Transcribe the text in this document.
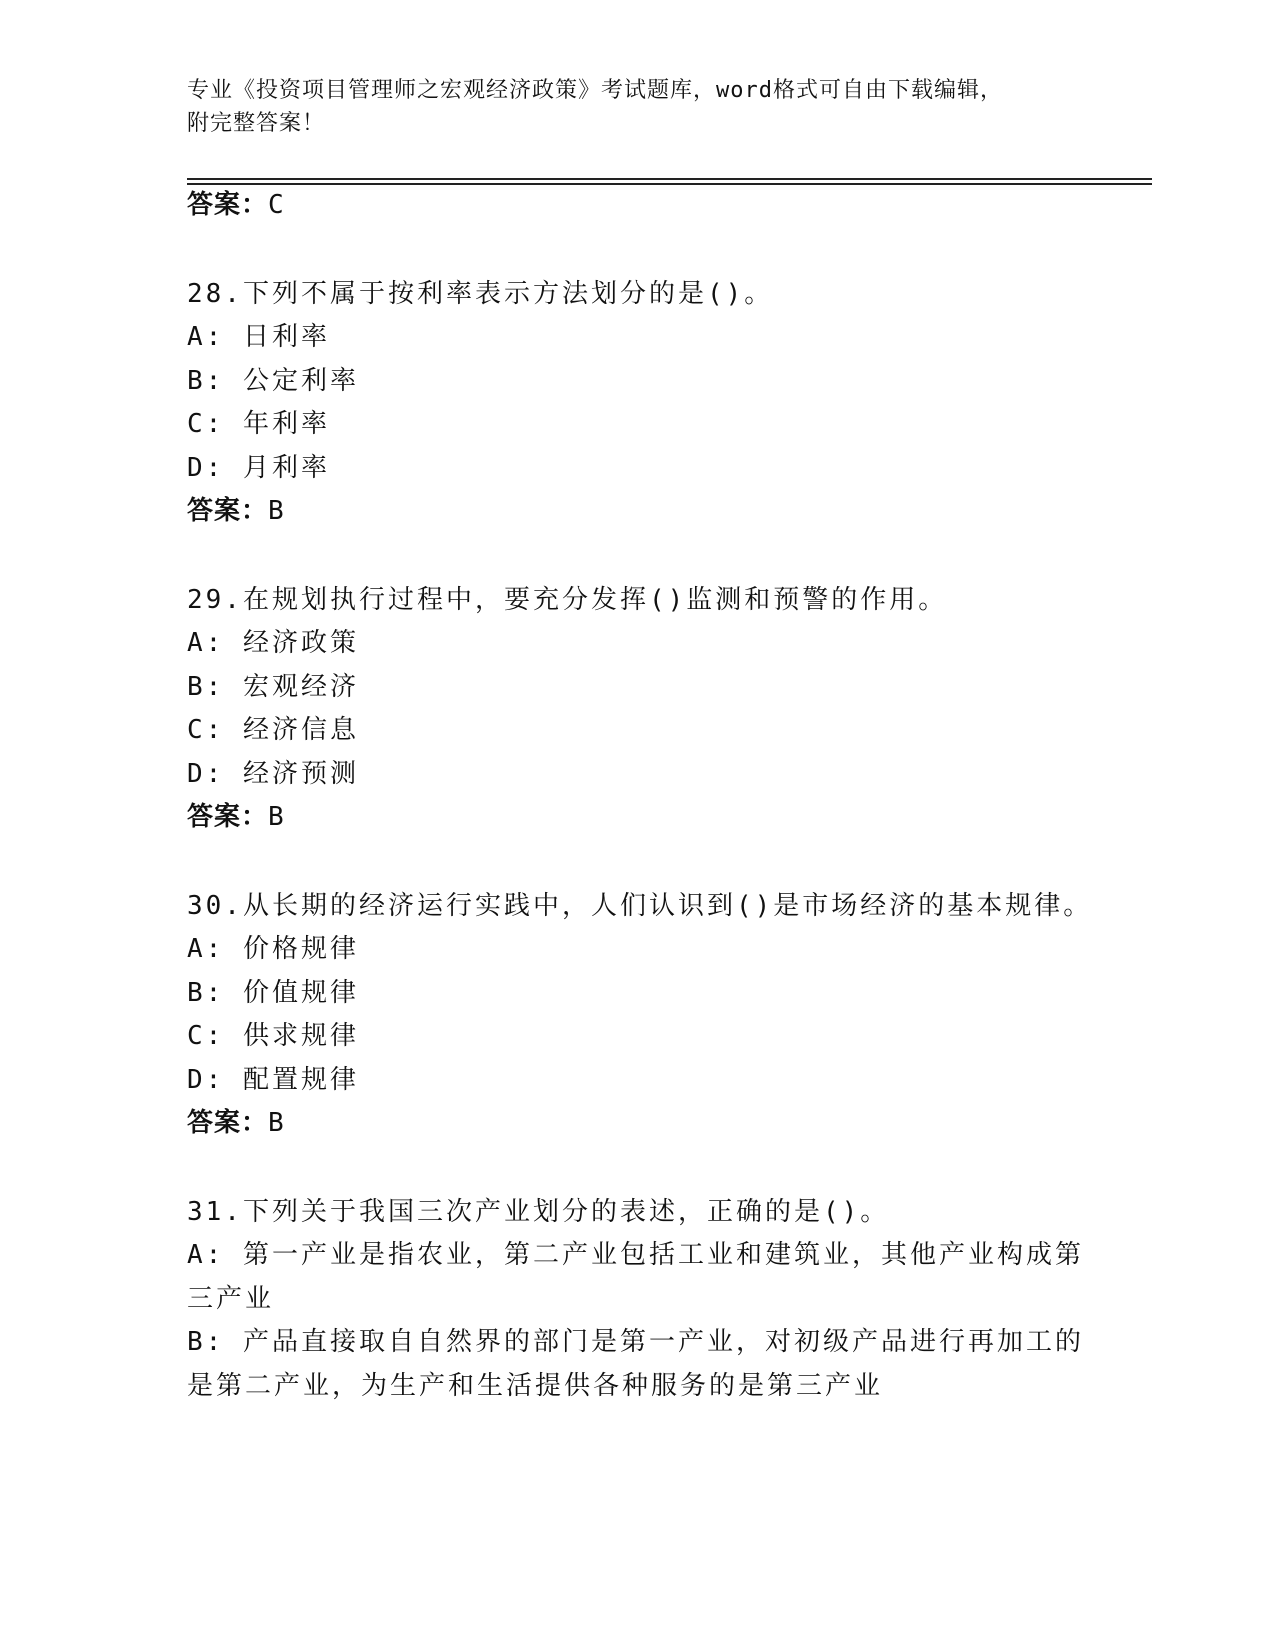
专业《投资项目管理师之宏观经济政策》考试题库，word格式可自由下载编辑，
附完整答案！
答案：C
28.下列不属于按利率表示方法划分的是()。
A: 日利率
B: 公定利率
C: 年利率
D: 月利率
答案：B
29.在规划执行过程中，要充分发挥()监测和预警的作用。
A: 经济政策
B: 宏观经济
C: 经济信息
D: 经济预测
答案：B
30.从长期的经济运行实践中，人们认识到()是市场经济的基本规律。
A: 价格规律
B: 价值规律
C: 供求规律
D: 配置规律
答案：B
31.下列关于我国三次产业划分的表述，正确的是()。
A: 第一产业是指农业，第二产业包括工业和建筑业，其他产业构成第
三产业
B: 产品直接取自自然界的部门是第一产业，对初级产品进行再加工的
是第二产业，为生产和生活提供各种服务的是第三产业
